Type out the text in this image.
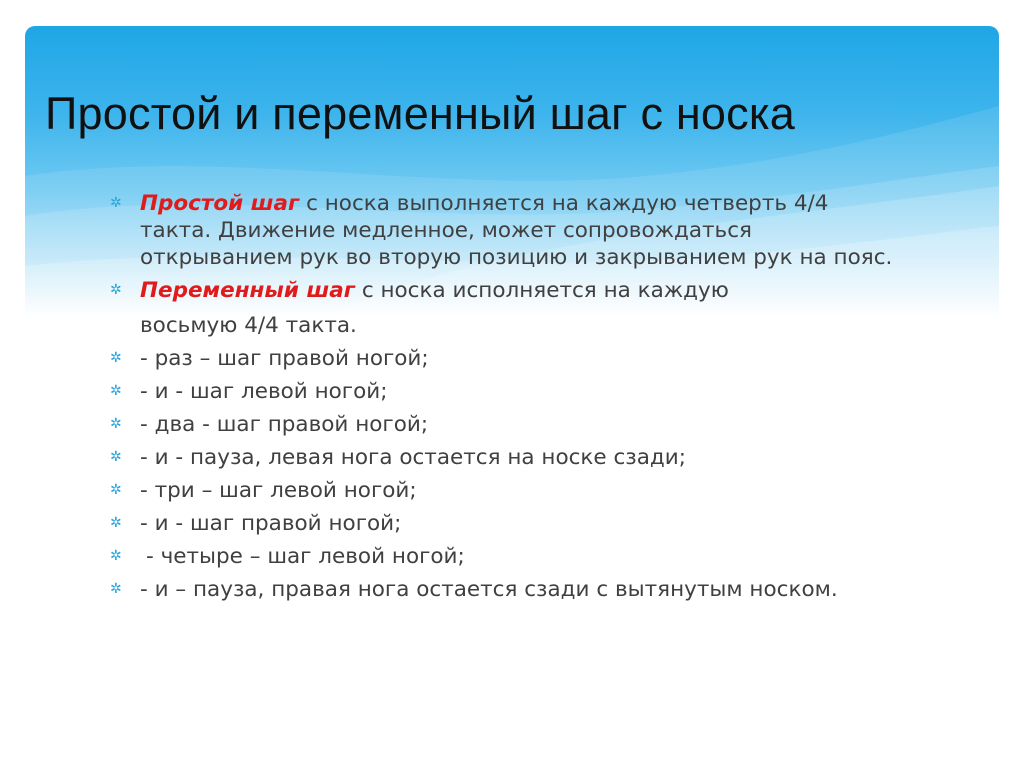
Простой и переменный шаг с носка
✲ Простой шаг с носка выполняется на каждую четверть 4/4 такта. Движение медленное, может сопровождаться открыванием рук во вторую позицию и закрыванием рук на пояс.
✲ Переменный шаг с носка исполняется на каждую
восьмую 4/4 такта.
✲ - раз – шаг правой ногой;
✲ - и - шаг левой ногой;
✲ - два - шаг правой ногой;
✲ - и - пауза, левая нога остается на носке сзади;
✲ - три – шаг левой ногой;
✲ - и - шаг правой ногой;
✲ - четыре – шаг левой ногой;
✲ - и – пауза, правая нога остается сзади с вытянутым носком.
